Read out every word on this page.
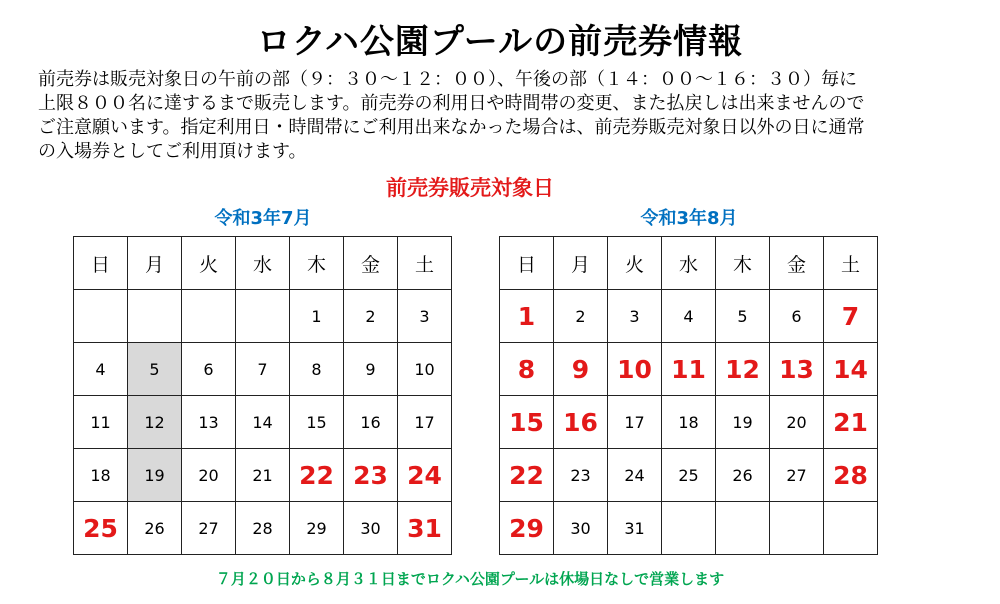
ロクハ公園プールの前売券情報

前売券は販売対象日の午前の部（９：３０～１２：００）、午後の部（１４：００～１６：３０）毎に

上限８００名に達するまで販売します。前売券の利用日や時間帯の変更、また払戻しは出来ませんので

ご注意願います。指定利用日・時間帯にご利用出来なかった場合は、前売券販売対象日以外の日に通常

の入場券としてご利用頂けます。

前売券販売対象日
令和3年7月	令和3年8月
日	月	火	水	木	金	土
				1	2	3
4	5	6	7	8	9	10
11	12	13	14	15	16	17
18	19	20	21	22	23	24
25	26	27	28	29	30	31
日	月	火	水	木	金	土
1	2	3	4	5	6	7
8	9	10	11	12	13	14
15	16	17	18	19	20	21
22	23	24	25	26	27	28
29	30	31				
７月２０日から８月３１日までロクハ公園プールは休場日なしで営業します
